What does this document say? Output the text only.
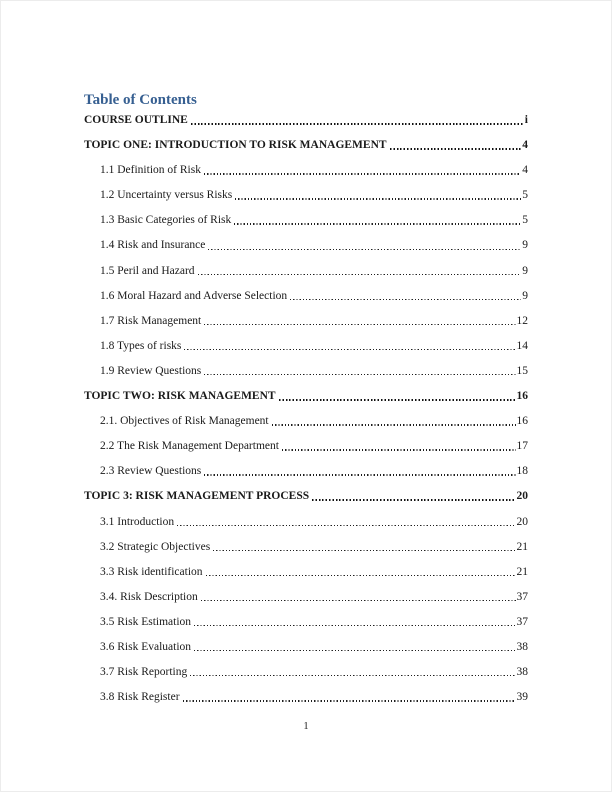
Table of Contents
COURSE OUTLINE	i
TOPIC ONE: INTRODUCTION TO RISK MANAGEMENT	4
1.1 Definition of Risk	4
1.2 Uncertainty versus Risks	5
1.3 Basic Categories of Risk	5
1.4 Risk and Insurance	9
1.5 Peril and Hazard	9
1.6 Moral Hazard and Adverse Selection	9
1.7 Risk Management	12
1.8 Types of risks	14
1.9 Review Questions	15
TOPIC TWO: RISK MANAGEMENT	16
2.1. Objectives of Risk Management	16
2.2 The Risk Management Department	17
2.3 Review Questions	18
TOPIC 3: RISK MANAGEMENT PROCESS	20
3.1 Introduction	20
3.2 Strategic Objectives	21
3.3 Risk identification	21
3.4. Risk Description	37
3.5 Risk Estimation	37
3.6 Risk Evaluation	38
3.7 Risk Reporting	38
3.8 Risk Register	39
1
